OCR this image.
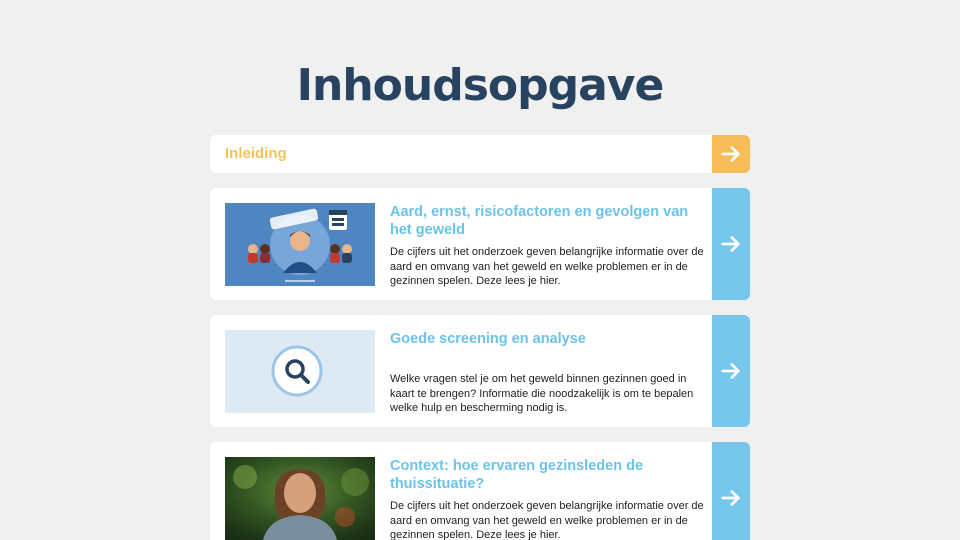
Inhoudsopgave
Inleiding
Aard, ernst, risicofactoren en gevolgen van het geweld
De cijfers uit het onderzoek geven belangrijke informatie over de aard en omvang van het geweld en welke problemen er in de gezinnen spelen. Deze lees je hier.
Goede screening en analyse
Welke vragen stel je om het geweld binnen gezinnen goed in kaart te brengen? Informatie die noodzakelijk is om te bepalen welke hulp en bescherming nodig is.
Context: hoe ervaren gezinsleden de thuissituatie?
De cijfers uit het onderzoek geven belangrijke informatie over de aard en omvang van het geweld en welke problemen er in de gezinnen spelen. Deze lees je hier.
